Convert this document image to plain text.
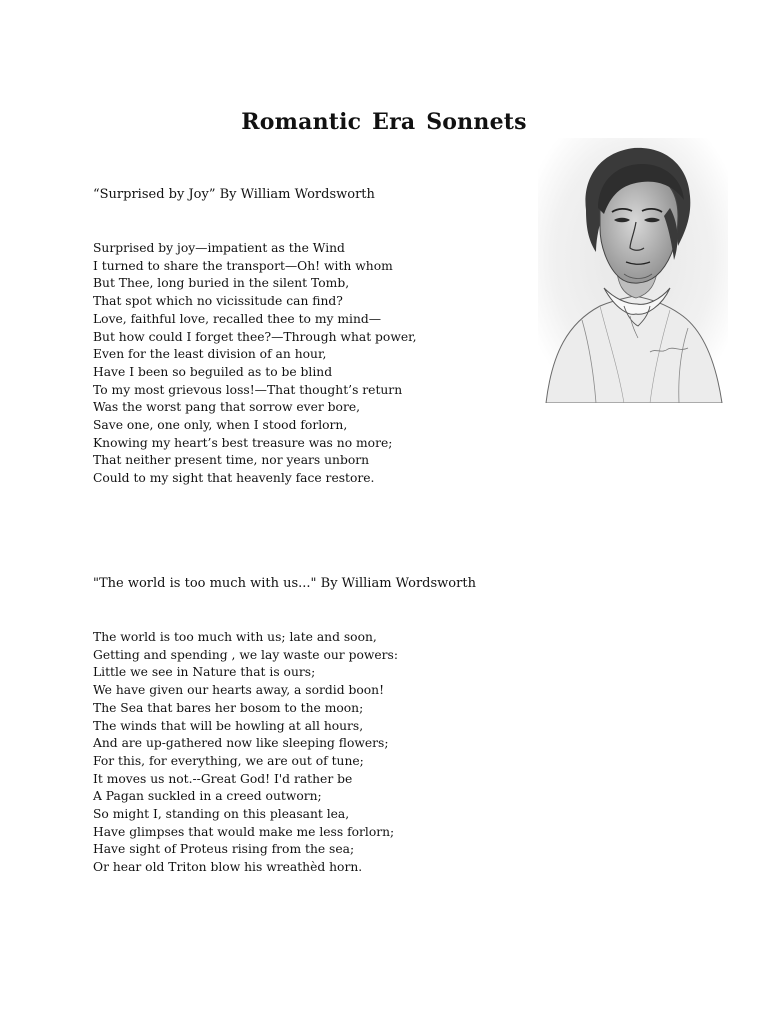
Romantic Era Sonnets
“Surprised by Joy” By William Wordsworth
Surprised by joy—impatient as the Wind
I turned to share the transport—Oh! with whom
But Thee, long buried in the silent Tomb,
That spot which no vicissitude can find?
Love, faithful love, recalled thee to my mind—
But how could I forget thee?—Through what power,
Even for the least division of an hour,
Have I been so beguiled as to be blind
To my most grievous loss!—That thought’s return
Was the worst pang that sorrow ever bore,
Save one, one only, when I stood forlorn,
Knowing my heart’s best treasure was no more;
That neither present time, nor years unborn
Could to my sight that heavenly face restore.
"The world is too much with us..." By William Wordsworth
The world is too much with us; late and soon,
Getting and spending , we lay waste our powers:
Little we see in Nature that is ours;
We have given our hearts away, a sordid boon!
The Sea that bares her bosom to the moon;
The winds that will be howling at all hours,
And are up-gathered now like sleeping flowers;
For this, for everything, we are out of tune;
It moves us not.--Great God! I'd rather be
A Pagan suckled in a creed outworn;
So might I, standing on this pleasant lea,
Have glimpses that would make me less forlorn;
Have sight of Proteus rising from the sea;
Or hear old Triton blow his wreathèd horn.
